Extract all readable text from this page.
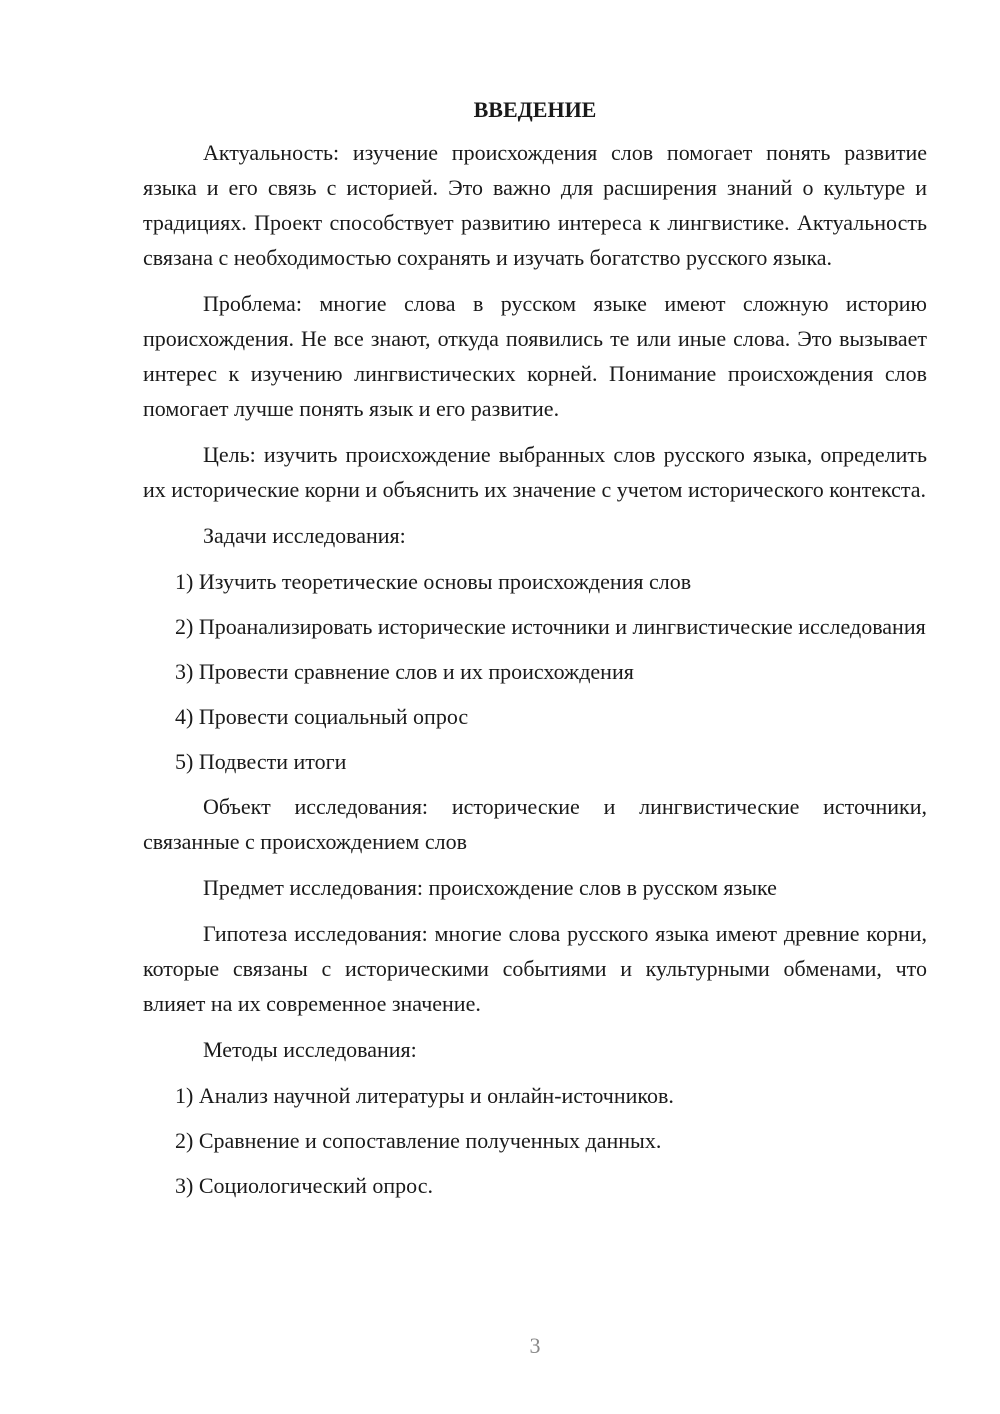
ВВЕДЕНИЕ

Актуальность: изучение происхождения слов помогает понять развитие языка и его связь с историей. Это важно для расширения знаний о культуре и традициях. Проект способствует развитию интереса к лингвистике. Актуальность связана с необходимостью сохранять и изучать богатство русского языка.

Проблема: многие слова в русском языке имеют сложную историю происхождения. Не все знают, откуда появились те или иные слова. Это вызывает интерес к изучению лингвистических корней. Понимание происхождения слов помогает лучше понять язык и его развитие.

Цель: изучить происхождение выбранных слов русского языка, определить их исторические корни и объяснить их значение с учетом исторического контекста.

Задачи исследования:

1) Изучить теоретические основы происхождения слов

2) Проанализировать исторические источники и лингвистические исследования

3) Провести сравнение слов и их происхождения

4) Провести социальный опрос

5) Подвести итоги

Объект исследования: исторические и лингвистические источники, связанные с происхождением слов

Предмет исследования: происхождение слов в русском языке

Гипотеза исследования: многие слова русского языка имеют древние корни, которые связаны с историческими событиями и культурными обменами, что влияет на их современное значение.

Методы исследования:

1) Анализ научной литературы и онлайн-источников.

2) Сравнение и сопоставление полученных данных.

3) Социологический опрос.

3
